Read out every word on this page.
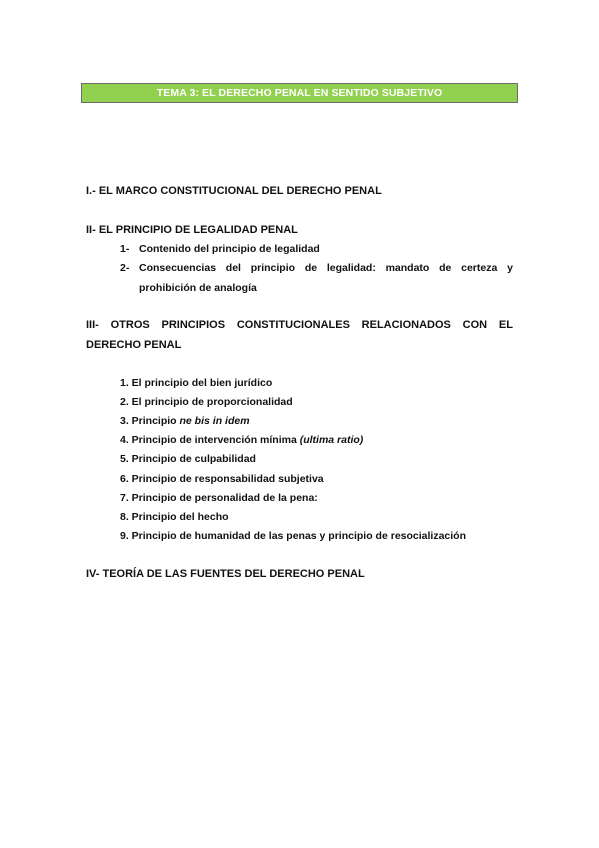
TEMA 3: EL DERECHO PENAL EN SENTIDO SUBJETIVO
I.- EL MARCO CONSTITUCIONAL DEL DERECHO PENAL
II- EL PRINCIPIO DE LEGALIDAD PENAL
1- Contenido del principio de legalidad
2- Consecuencias del principio de legalidad: mandato de certeza y
prohibición de analogía
III- OTROS PRINCIPIOS CONSTITUCIONALES RELACIONADOS CON EL
DERECHO PENAL
1. El principio del bien jurídico
2. El principio de proporcionalidad
3. Principio ne bis in idem
4. Principio de intervención mínima (ultima ratio)
5. Principio de culpabilidad
6. Principio de responsabilidad subjetiva
7. Principio de personalidad de la pena:
8. Principio del hecho
9. Principio de humanidad de las penas y principio de resocialización
IV- TEORÍA DE LAS FUENTES DEL DERECHO PENAL
